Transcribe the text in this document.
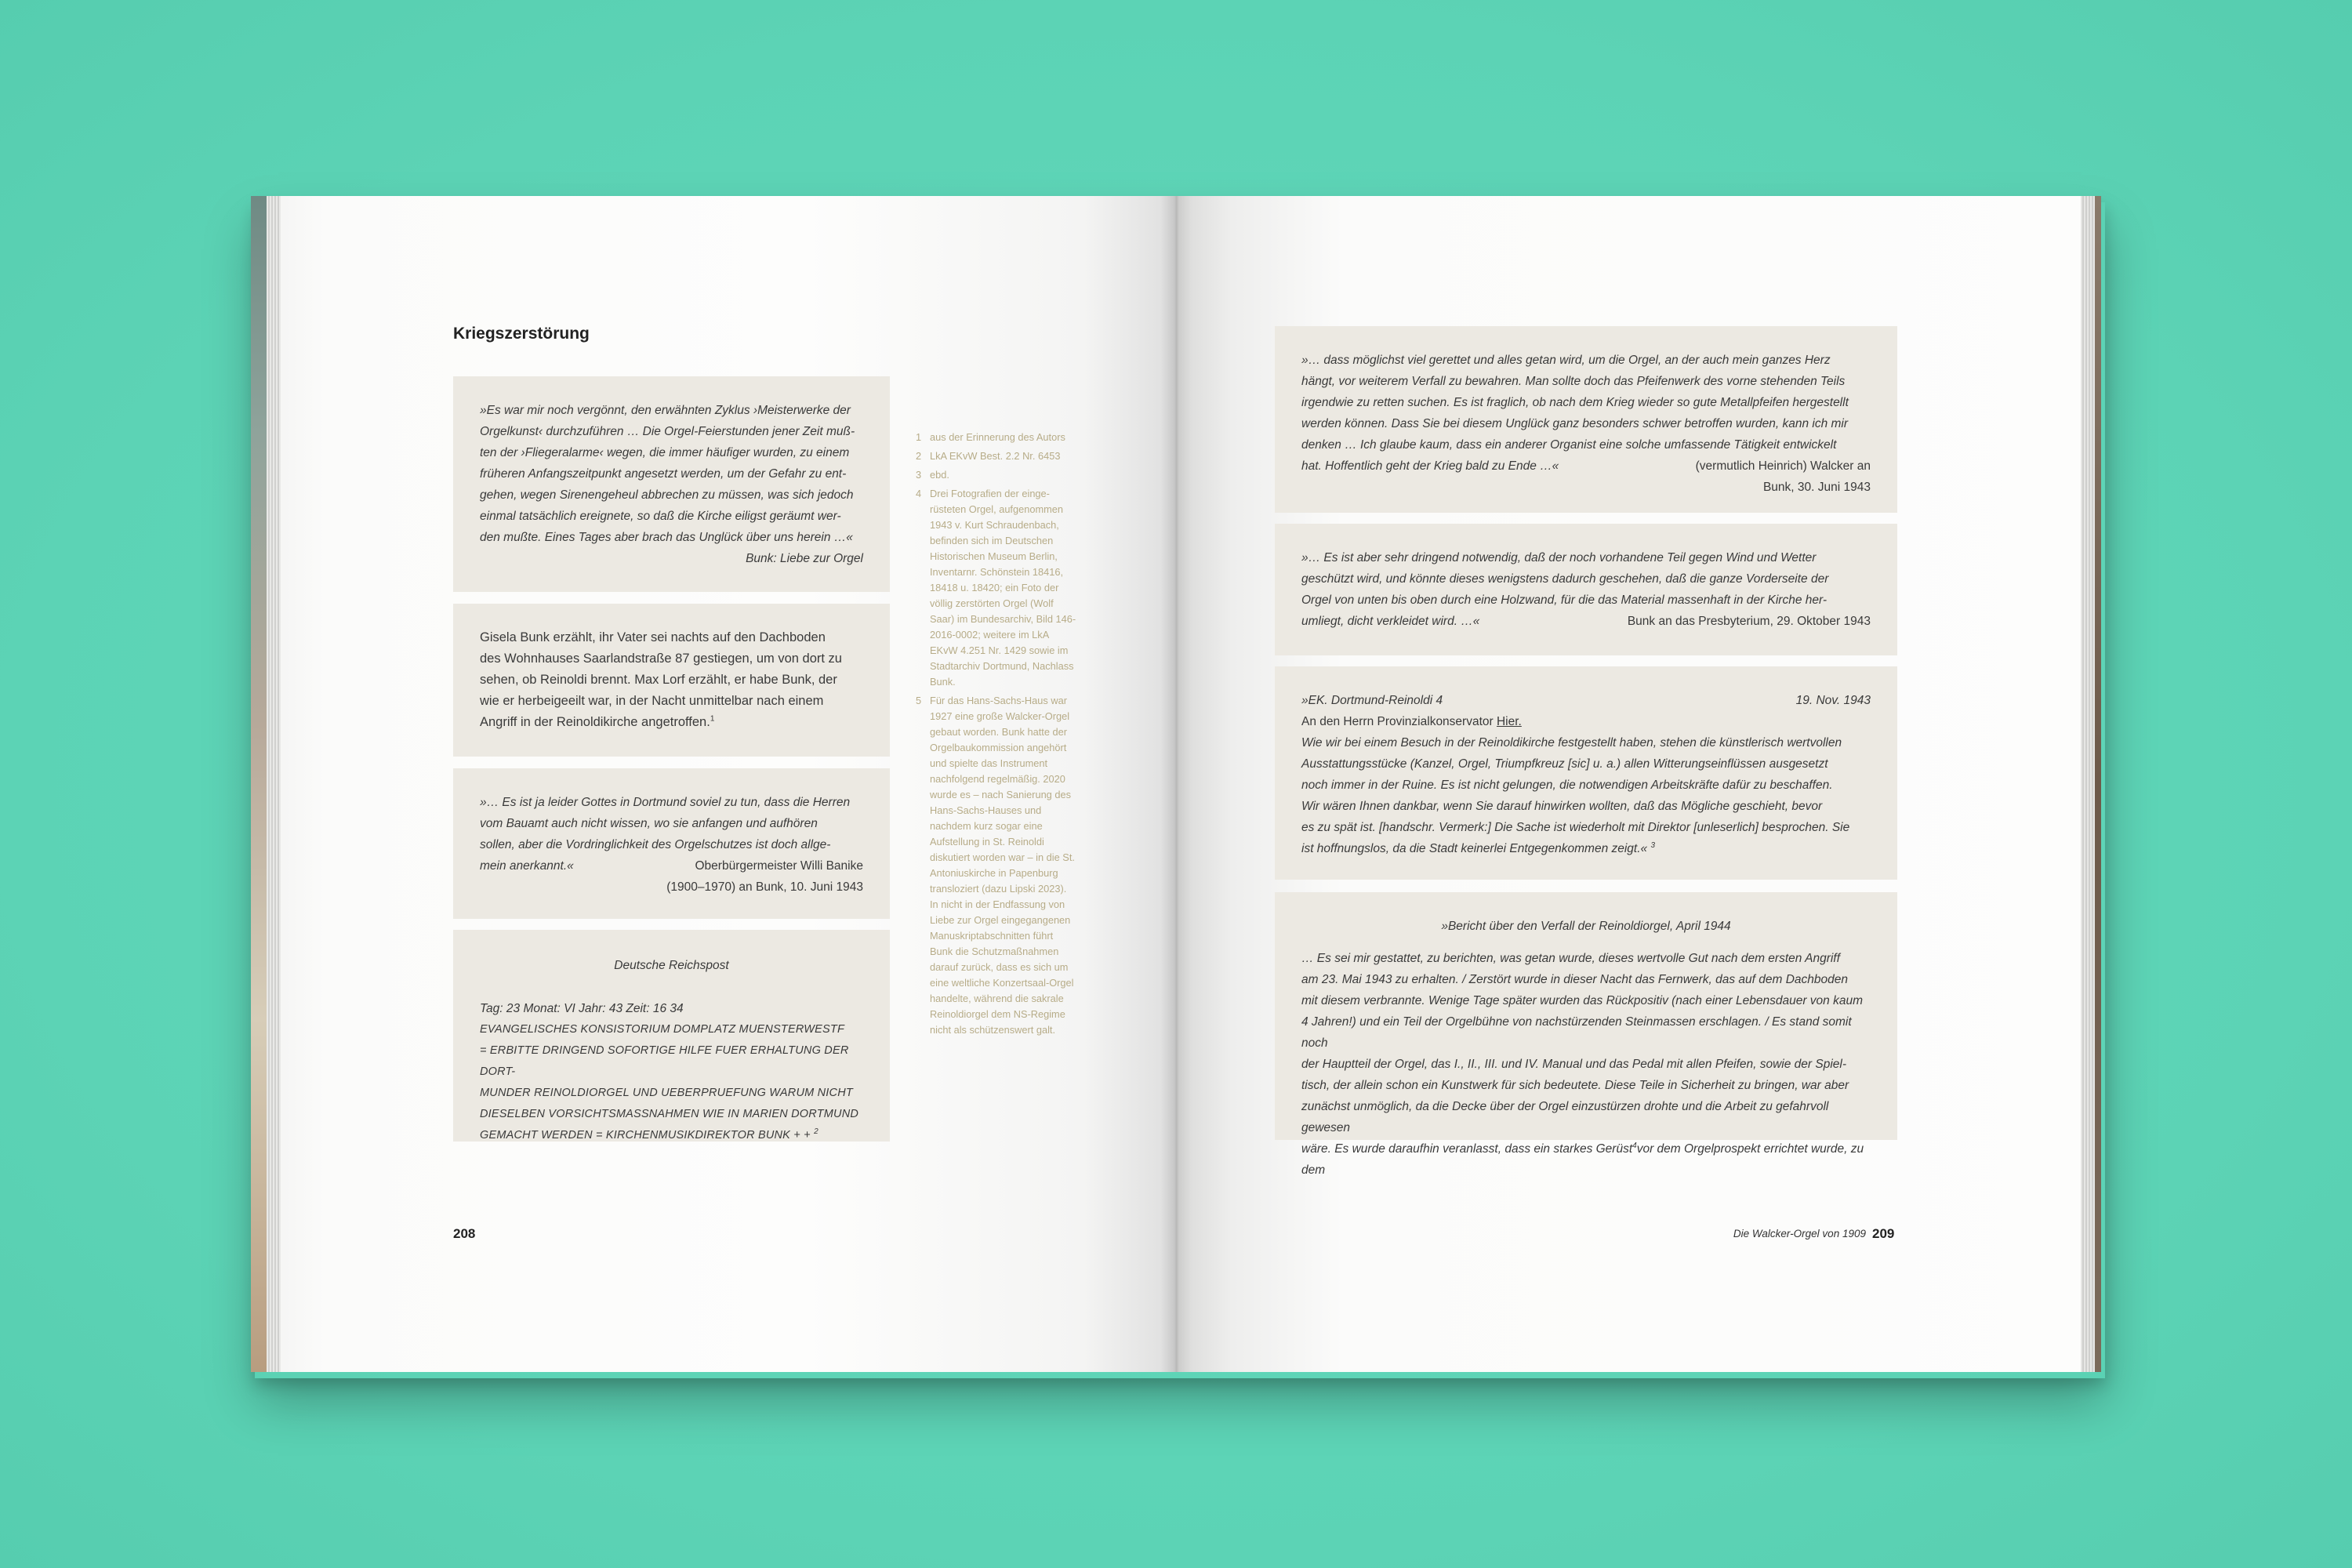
Kriegszerstörung

»Es war mir noch vergönnt, den erwähnten Zyklus ›Meisterwerke der

Orgelkunst‹ durchzuführen … Die Orgel-Feierstunden jener Zeit muß-

ten der ›Fliegeralarme‹ wegen, die immer häufiger wurden, zu einem

früheren Anfangszeitpunkt angesetzt werden, um der Gefahr zu ent-

gehen, wegen Sirenengeheul abbrechen zu müssen, was sich jedoch

einmal tatsächlich ereignete, so daß die Kirche eiligst geräumt wer-

den mußte. Eines Tages aber brach das Unglück über uns herein …«

Bunk: Liebe zur Orgel

Gisela Bunk erzählt, ihr Vater sei nachts auf den Dachboden

des Wohnhauses Saarlandstraße 87 gestiegen, um von dort zu

sehen, ob Reinoldi brennt. Max Lorf erzählt, er habe Bunk, der

wie er herbeigeeilt war, in der Nacht unmittelbar nach einem

Angriff in der Reinoldikirche angetroffen.$^1$

»… Es ist ja leider Gottes in Dortmund soviel zu tun, dass die Herren

vom Bauamt auch nicht wissen, wo sie anfangen und aufhören

sollen, aber die Vordringlichkeit des Orgelschutzes ist doch allge-

mein anerkannt.«	Oberbürgermeister Willi Banike

(1900–1970) an Bunk, 10. Juni 1943

Deutsche Reichspost

Tag: 23 Monat: VI Jahr: 43 Zeit: 16 34

EVANGELISCHES KONSISTORIUM DOMPLATZ MUENSTERWESTF

= ERBITTE DRINGEND SOFORTIGE HILFE FUER ERHALTUNG DER DORT-

MUNDER REINOLDIORGEL UND UEBERPRUEFUNG WARUM NICHT

DIESELBEN VORSICHTSMASSNAHMEN WIE IN MARIEN DORTMUND

GEMACHT WERDEN = KIRCHENMUSIKDIREKTOR BUNK + + $^2$

1 aus der Erinnerung des Autors

2 LkA EKvW Best. 2.2 Nr. 6453

3 ebd.

4 Drei Fotografien der eingerüsteten Orgel, aufgenommen 1943 v. Kurt Schraudenbach, befinden sich im Deutschen Historischen Museum Berlin, Inventarnr. Schönstein 18416, 18418 u. 18420; ein Foto der völlig zerstörten Orgel (Wolf Saar) im Bundesarchiv, Bild 146-2016-0002; weitere im LkA EKvW 4.251 Nr. 1429 sowie im Stadtarchiv Dortmund, Nachlass Bunk.

5 Für das Hans-Sachs-Haus war 1927 eine große Walcker-Orgel gebaut worden. Bunk hatte der Orgelbaukommission angehört und spielte das Instrument nachfolgend regelmäßig. 2020 wurde es – nach Sanierung des Hans-Sachs-Hauses und nachdem kurz sogar eine Aufstellung in St. Reinoldi diskutiert worden war – in die St. Antoniuskirche in Papenburg transloziert (dazu Lipski 2023). In nicht in der Endfassung von Liebe zur Orgel eingegangenen Manuskriptabschnitten führt Bunk die Schutzmaßnahmen darauf zurück, dass es sich um eine weltliche Konzertsaal-Orgel handelte, während die sakrale Reinoldiorgel dem NS-Regime nicht als schützenswert galt.

208

»… dass möglichst viel gerettet und alles getan wird, um die Orgel, an der auch mein ganzes Herz

hängt, vor weiterem Verfall zu bewahren. Man sollte doch das Pfeifenwerk des vorne stehenden Teils

irgendwie zu retten suchen. Es ist fraglich, ob nach dem Krieg wieder so gute Metallpfeifen hergestellt

werden können. Dass Sie bei diesem Unglück ganz besonders schwer betroffen wurden, kann ich mir

denken … Ich glaube kaum, dass ein anderer Organist eine solche umfassende Tätigkeit entwickelt

hat. Hoffentlich geht der Krieg bald zu Ende …«	(vermutlich Heinrich) Walcker an

Bunk, 30. Juni 1943

»… Es ist aber sehr dringend notwendig, daß der noch vorhandene Teil gegen Wind und Wetter

geschützt wird, und könnte dieses wenigstens dadurch geschehen, daß die ganze Vorderseite der

Orgel von unten bis oben durch eine Holzwand, für die das Material massenhaft in der Kirche her-

umliegt, dicht verkleidet wird. …«	Bunk an das Presbyterium, 29. Oktober 1943

»EK. Dortmund-Reinoldi 4	19. Nov. 1943

An den Herrn Provinzialkonservator Hier.

Wie wir bei einem Besuch in der Reinoldikirche festgestellt haben, stehen die künstlerisch wertvollen

Ausstattungsstücke (Kanzel, Orgel, Triumpfkreuz [sic] u. a.) allen Witterungseinflüssen ausgesetzt

noch immer in der Ruine. Es ist nicht gelungen, die notwendigen Arbeitskräfte dafür zu beschaffen.

Wir wären Ihnen dankbar, wenn Sie darauf hinwirken wollten, daß das Mögliche geschieht, bevor

es zu spät ist. [handschr. Vermerk:] Die Sache ist wiederholt mit Direktor [unleserlich] besprochen. Sie

ist hoffnungslos, da die Stadt keinerlei Entgegenkommen zeigt.« $^3$

»Bericht über den Verfall der Reinoldiorgel, April 1944

… Es sei mir gestattet, zu berichten, was getan wurde, dieses wertvolle Gut nach dem ersten Angriff

am 23. Mai 1943 zu erhalten. / Zerstört wurde in dieser Nacht das Fernwerk, das auf dem Dachboden

mit diesem verbrannte. Wenige Tage später wurden das Rückpositiv (nach einer Lebensdauer von kaum

4 Jahren!) und ein Teil der Orgelbühne von nachstürzenden Steinmassen erschlagen. / Es stand somit noch

der Hauptteil der Orgel, das I., II., III. und IV. Manual und das Pedal mit allen Pfeifen, sowie der Spiel-

tisch, der allein schon ein Kunstwerk für sich bedeutete. Diese Teile in Sicherheit zu bringen, war aber

zunächst unmöglich, da die Decke über der Orgel einzustürzen drohte und die Arbeit zu gefahrvoll gewesen

wäre. Es wurde daraufhin veranlasst, dass ein starkes Gerüst$^4$vor dem Orgelprospekt errichtet wurde, zu dem

Die Walcker-Orgel von 1909 209
